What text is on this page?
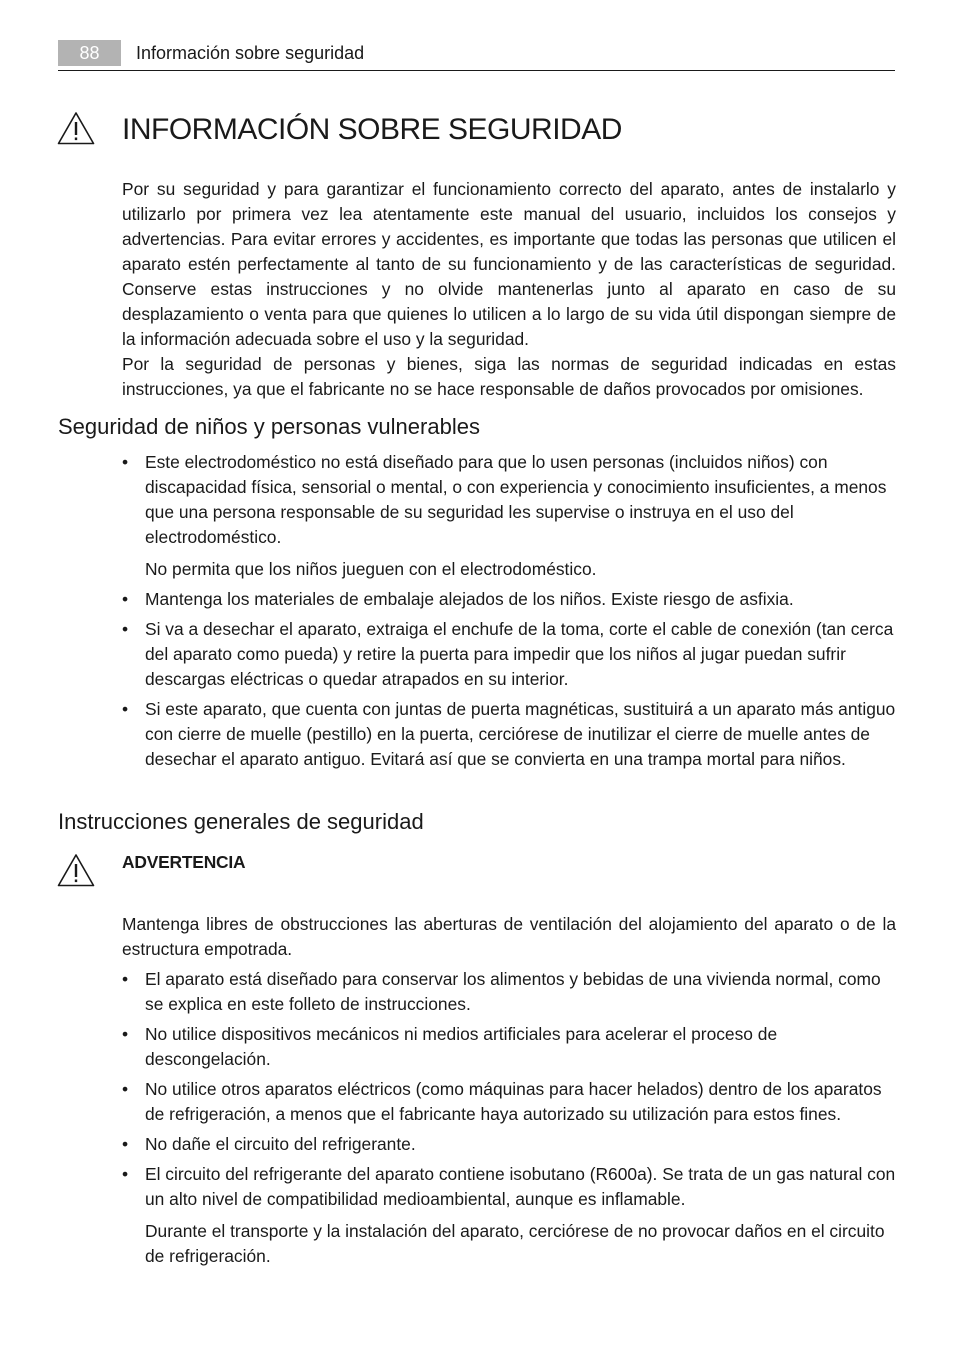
88	Información sobre seguridad
INFORMACIÓN SOBRE SEGURIDAD

Por su seguridad y para garantizar el funcionamiento correcto del aparato, antes de instalarlo y utilizarlo por primera vez lea atentamente este manual del usuario, incluidos los consejos y advertencias. Para evitar errores y accidentes, es importante que todas las personas que utilicen el aparato estén perfectamente al tanto de su funcionamiento y de las características de seguridad. Conserve estas instrucciones y no olvide mantenerlas junto al aparato en caso de su desplazamiento o venta para que quienes lo utilicen a lo largo de su vida útil dispongan siempre de la información adecuada sobre el uso y la seguridad.

Por la seguridad de personas y bienes, siga las normas de seguridad indicadas en estas instrucciones, ya que el fabricante no se hace responsable de daños provocados por omisiones.

Seguridad de niños y personas vulnerables
• Este electrodoméstico no está diseñado para que lo usen personas (incluidos niños) con discapacidad física, sensorial o mental, o con experiencia y conocimiento insuficientes, a menos que una persona responsable de su seguridad les supervise o instruya en el uso del electrodoméstico.
No permita que los niños jueguen con el electrodoméstico.
• Mantenga los materiales de embalaje alejados de los niños. Existe riesgo de asfixia.
• Si va a desechar el aparato, extraiga el enchufe de la toma, corte el cable de conexión (tan cerca del aparato como pueda) y retire la puerta para impedir que los niños al jugar puedan sufrir descargas eléctricas o quedar atrapados en su interior.
• Si este aparato, que cuenta con juntas de puerta magnéticas, sustituirá a un aparato más antiguo con cierre de muelle (pestillo) en la puerta, cerciórese de inutilizar el cierre de muelle antes de desechar el aparato antiguo. Evitará así que se convierta en una trampa mortal para niños.
Instrucciones generales de seguridad
ADVERTENCIA

Mantenga libres de obstrucciones las aberturas de ventilación del alojamiento del aparato o de la estructura empotrada.

• El aparato está diseñado para conservar los alimentos y bebidas de una vivienda normal, como se explica en este folleto de instrucciones.
• No utilice dispositivos mecánicos ni medios artificiales para acelerar el proceso de descongelación.
• No utilice otros aparatos eléctricos (como máquinas para hacer helados) dentro de los aparatos de refrigeración, a menos que el fabricante haya autorizado su utilización para estos fines.
• No dañe el circuito del refrigerante.
• El circuito del refrigerante del aparato contiene isobutano (R600a). Se trata de un gas natural con un alto nivel de compatibilidad medioambiental, aunque es inflamable.
Durante el transporte y la instalación del aparato, cerciórese de no provocar daños en el circuito de refrigeración.
